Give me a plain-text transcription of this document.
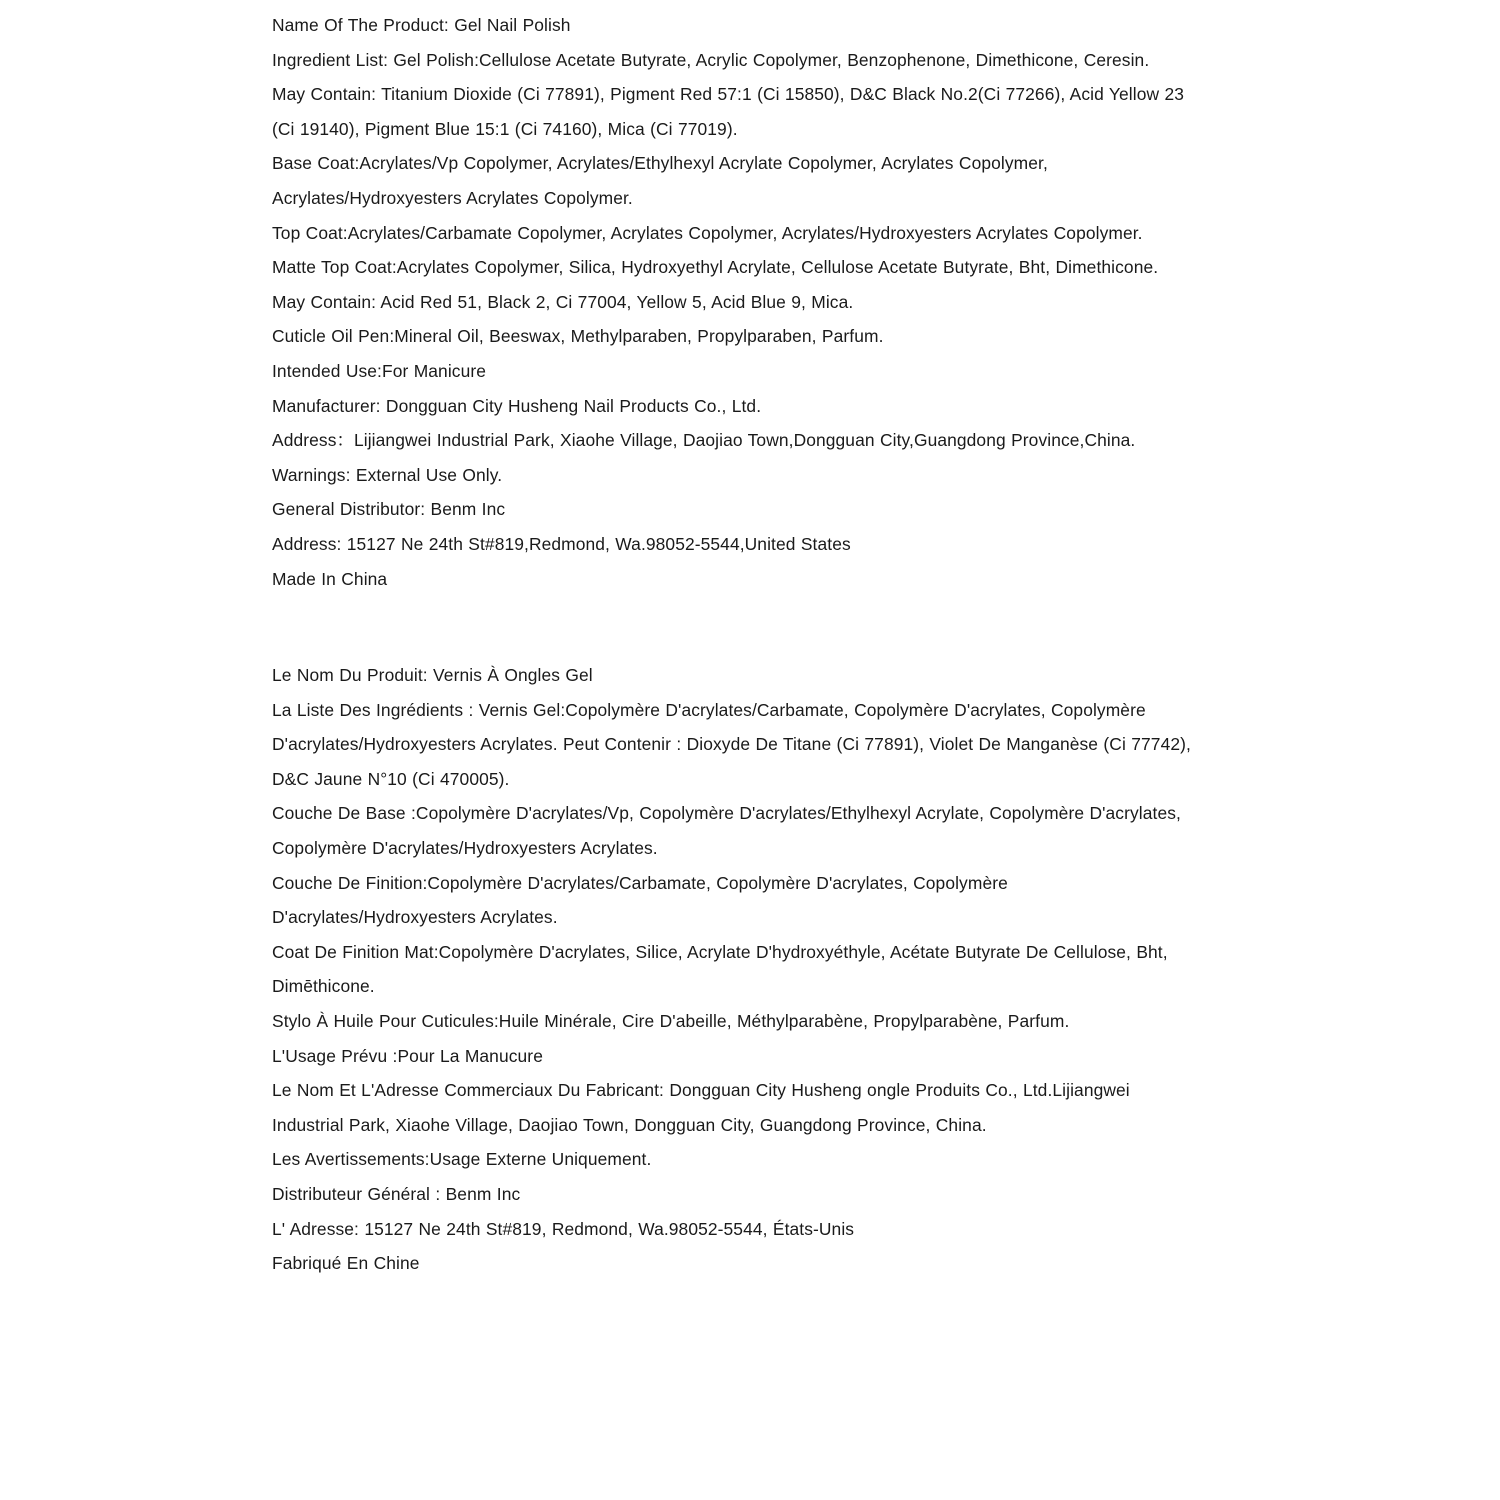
Name Of The Product: Gel Nail Polish

Ingredient List: Gel Polish:Cellulose Acetate Butyrate, Acrylic Copolymer, Benzophenone, Dimethicone, Ceresin.

May Contain: Titanium Dioxide (Ci 77891), Pigment Red 57:1 (Ci 15850), D&C Black No.2(Ci 77266), Acid Yellow 23 (Ci 19140), Pigment Blue 15:1 (Ci 74160), Mica (Ci 77019).

Base Coat:Acrylates/Vp Copolymer, Acrylates/Ethylhexyl Acrylate Copolymer, Acrylates Copolymer, Acrylates/Hydroxyesters Acrylates Copolymer.

Top Coat:Acrylates/Carbamate Copolymer, Acrylates Copolymer, Acrylates/Hydroxyesters Acrylates Copolymer.

Matte Top Coat:Acrylates Copolymer, Silica, Hydroxyethyl Acrylate, Cellulose Acetate Butyrate, Bht, Dimethicone.

May Contain: Acid Red 51, Black 2, Ci 77004, Yellow 5, Acid Blue 9, Mica.

Cuticle Oil Pen:Mineral Oil, Beeswax, Methylparaben, Propylparaben, Parfum.

Intended Use:For Manicure

Manufacturer: Dongguan City Husheng Nail Products Co., Ltd.

Address：Lijiangwei Industrial Park, Xiaohe Village, Daojiao Town,Dongguan City,Guangdong Province,China.

Warnings: External Use Only.

General Distributor: Benm Inc

Address: 15127 Ne 24th St#819,Redmond, Wa.98052-5544,United States

Made In China

Le Nom Du Produit: Vernis À Ongles Gel

La Liste Des Ingrédients : Vernis Gel:Copolymère D'acrylates/Carbamate, Copolymère D'acrylates, Copolymère D'acrylates/Hydroxyesters Acrylates. Peut Contenir : Dioxyde De Titane (Ci 77891), Violet De Manganèse (Ci 77742), D&C Jaune N°10 (Ci 470005).

Couche De Base :Copolymère D'acrylates/Vp, Copolymère D'acrylates/Ethylhexyl Acrylate, Copolymère D'acrylates, Copolymère D'acrylates/Hydroxyesters Acrylates.

Couche De Finition:Copolymère D'acrylates/Carbamate, Copolymère D'acrylates, Copolymère D'acrylates/Hydroxyesters Acrylates.

Coat De Finition Mat:Copolymère D'acrylates, Silice, Acrylate D'hydroxyéthyle, Acétate Butyrate De Cellulose, Bht, Dimēthicone.

Stylo À Huile Pour Cuticules:Huile Minérale, Cire D'abeille, Méthylparabène, Propylparabène, Parfum.

L'Usage Prévu :Pour La Manucure

Le Nom Et L'Adresse Commerciaux Du Fabricant: Dongguan City Husheng ongle Produits Co., Ltd.Lijiangwei Industrial Park, Xiaohe Village, Daojiao Town, Dongguan City, Guangdong Province, China.

Les Avertissements:Usage Externe Uniquement.

Distributeur Général : Benm Inc

L' Adresse: 15127 Ne 24th St#819, Redmond, Wa.98052-5544, États-Unis

Fabriqué En Chine
